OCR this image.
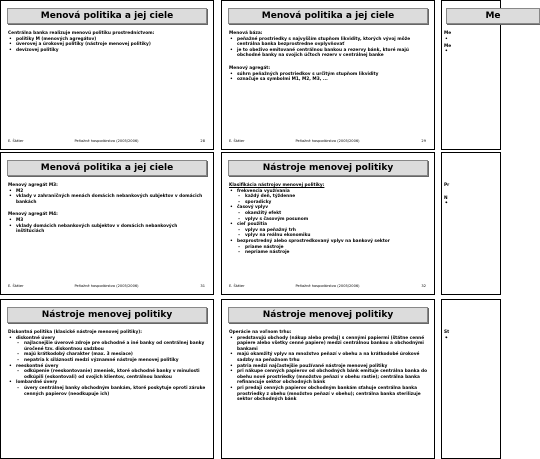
Menová politika a jej ciele
Centrálna banka realizuje menovú politiku prostredníctvom:
• politiky M (menových agregátov)
• úverovej a úrokovej politiky (nástroje menovej politiky)
• devízovej politiky
E. Štáter	Peňažné hospodárstvo (2005/2006)	28
Menová politika a jej ciele
Menová báza:
• peňažné prostriedky s najvyšším stupňom likvidity, ktorých vývoj môže centrálna banka bezprostredne ovplyvňovať
• je to obeživo emitované centrálnou bankou a rezervy bánk, ktoré majú obchodné banky na svojich účtoch rezerv v centrálnej banke
Menový agregát:
• súhrn peňažných prostriedkov s určitým stupňom likvidity
• označuje sa symbolmi M1, M2, M3, ...
E. Štáter	Peňažné hospodárstvo (2005/2006)	29
Me
Me
Me
Menová politika a jej ciele
Menový agregát M3:
• M2
• vklady v zahraničných menách domácich nebankových subjektov v domácich bankách
Menový agregát M4:
• M3
• vklady domácich nebankových subjektov v domácich nebankových inštitúciách
E. Štáter	Peňažné hospodárstvo (2005/2006)	31
Nástroje menovej politiky
Klasifikácia nástrojov menovej politiky:
• frekvencia využívania
– každý deň, týždenne
– sporadicky
• časový vplyv
– okamžitý efekt
– vplyv s časovým posunom
• cieľ použitia
– vplyv na peňažný trh
– vplyv na reálnu ekonomiku
• bezprostredný alebo sprostredkovaný vplyv na bankový sektor
– priame nástroje
– nepriame nástroje
E. Štáter	Peňažné hospodárstvo (2005/2006)	32
Pr
N
Nástroje menovej politiky
Diskontná politika (klasické nástroje menovej politiky):
• diskontné úvery
– najlacnejšie úverové zdroje pre obchodné a iné banky od centrálnej banky úročené tzv. diskontnou sadzbou
– majú krátkodobý charakter (max. 3 mesiace)
– nepatria k siláznosti medzi významné nástroje menovej politiky
• reeskontné úvery
– odkúpenie (reeskontovanie) zmeniek, ktoré obchodné banky v minulosti odkúpili (eskontovali) od svojich klientov, centrálnou bankou
• lombardné úvery
– úvery centrálnej banky obchodným bankám, ktoré poskytuje oproti záruke cenných papierov (neodkupuje ich)
Nástroje menovej politiky
Operácie na voľnom trhu:
• predstavujú obchody (nákup alebo predaj) s cennými papiermi (štátne cenné papiere alebo všetky cenné papiere) medzi centrálnou bankou a obchodnými bankami
• majú okamžitý vplyv na množstvo peňazí v obehu a na krátkodobé úrokové sadzby na peňažnom trhu
• patria medzi najčastejšie používané nástroje menovej politiky
• pri nákupe cenných papierov od obchodných bánk emituje centrálna banka do obehu nové prostriedky (množstvo peňazí v obehu rastie); centrálna banka refinancuje sektor obchodných bánk
• pri predaji cenných papierov obchodným bankám sťahuje centrálna banka prostriedky z obehu (množstvo peňazí v obehu); centrálna banka sterilizuje sektor obchodných bánk
St
